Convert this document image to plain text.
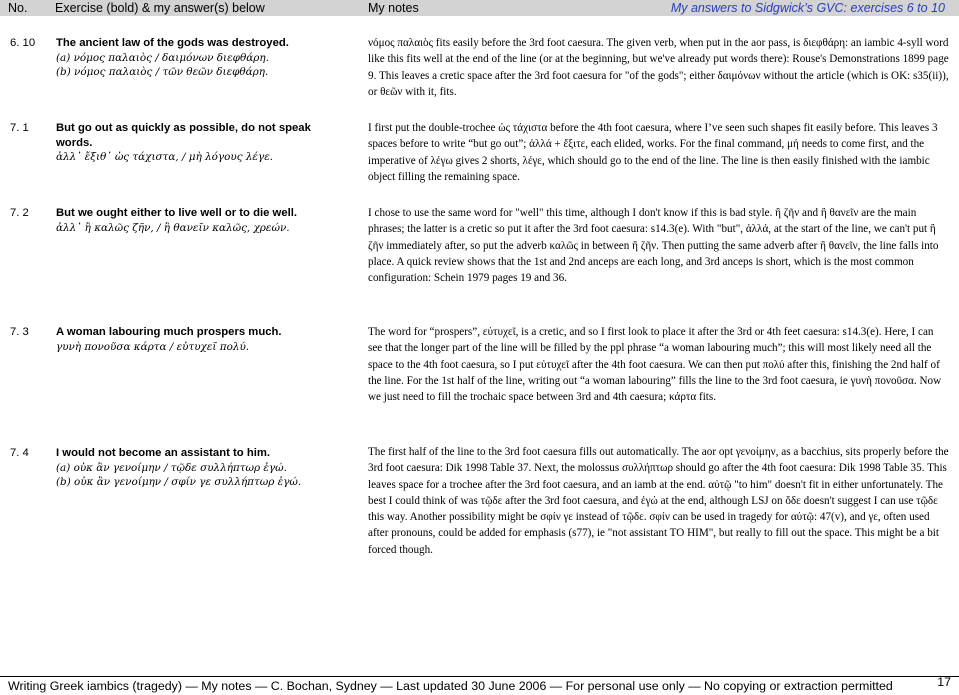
No. Exercise (bold) & my answer(s) below	My notes	My answers to Sidgwick’s GVC: exercises 6 to 10
6. 10 The ancient law of the gods was destroyed.
(a) νόμος παλαιὸς / δαιμόνων διεφθάρη.
(b) νόμος παλαιὸς / τῶν θεῶν διεφθάρη.

νόμος παλαιὸς fits easily before the 3rd foot caesura. The given verb, when put in the aor pass, is διεφθάρη: an iambic 4-syll word like this fits well at the end of the line (or at the beginning, but we've already put words there): Rouse's Demonstrations 1899 page 9. This leaves a cretic space after the 3rd foot caesura for "of the gods"; either δαιμόνων without the article (which is OK: s35(ii)), or θεῶν with it, fits.

7. 1 But go out as quickly as possible, do not speak words.
ἀλλ᾽ ἔξιθ᾽ ὡς τάχιστα, / μὴ λόγους λέγε.

I first put the double-trochee ὡς τάχιστα before the 4th foot caesura, where I’ve seen such shapes fit easily before. This leaves 3 spaces before to write “but go out”; ἀλλά + ἔξιτε, each elided, works. For the final command, μή needs to come first, and the imperative of λέγω gives 2 shorts, λέγε, which should go to the end of the line. The line is then easily finished with the iambic object filling the remaining space.

7. 2 But we ought either to live well or to die well.
ἀλλ᾽ ἢ καλῶς ζῆν, / ἢ θανεῖν καλῶς, χρεών.

I chose to use the same word for "well" this time, although I don't know if this is bad style. ἢ ζῆν and ἢ θανεῖν are the main phrases; the latter is a cretic so put it after the 3rd foot caesura: s14.3(e). With "but", ἀλλά, at the start of the line, we can't put ἢ ζῆν immediately after, so put the adverb καλῶς in between ἢ ζῆν. Then putting the same adverb after ἢ θανεῖν, the line falls into place. A quick review shows that the 1st and 2nd anceps are each long, and 3rd anceps is short, which is the most common configuration: Schein 1979 pages 19 and 36.

7. 3 A woman labouring much prospers much.
γυνὴ πονοῦσα κάρτα / εὐτυχεῖ πολύ.

The word for “prospers”, εὐτυχεῖ, is a cretic, and so I first look to place it after the 3rd or 4th feet caesura: s14.3(e). Here, I can see that the longer part of the line will be filled by the ppl phrase “a woman labouring much”; this will most likely need all the space to the 4th foot caesura, so I put εὐτυχεῖ after the 4th foot caesura. We can then put πολύ after this, finishing the 2nd half of the line. For the 1st half of the line, writing out “a woman labouring” fills the line to the 3rd foot caesura, ie γυνὴ πονοῦσα. Now we just need to fill the trochaic space between 3rd and 4th caesura; κάρτα fits.

7. 4 I would not become an assistant to him.
(a) οὐκ ἂν γενοίμην / τῷδε συλλήπτωρ ἐγώ.
(b) οὐκ ἂν γενοίμην / σφίν γε συλλήπτωρ ἐγώ.

The first half of the line to the 3rd foot caesura fills out automatically. The aor opt γενοίμην, as a bacchius, sits properly before the 3rd foot caesura: Dik 1998 Table 37. Next, the molossus συλλήπτωρ should go after the 4th foot caesura: Dik 1998 Table 35. This leaves space for a trochee after the 3rd foot caesura, and an iamb at the end. αὐτῷ "to him" doesn't fit in either unfortunately. The best I could think of was τῷδε after the 3rd foot caesura, and ἐγώ at the end, although LSJ on ὅδε doesn't suggest I can use τῷδε this way. Another possibility might be σφίν γε instead of τῷδε. σφίν can be used in tragedy for αὐτῷ: 47(v), and γε, often used after pronouns, could be added for emphasis (s77), ie "not assistant TO HIM", but really to fill out the space. This might be a bit forced though.

Writing Greek iambics (tragedy) — My notes — C. Bochan, Sydney — Last updated 30 June 2006 — For personal use only — No copying or extraction permitted	17
